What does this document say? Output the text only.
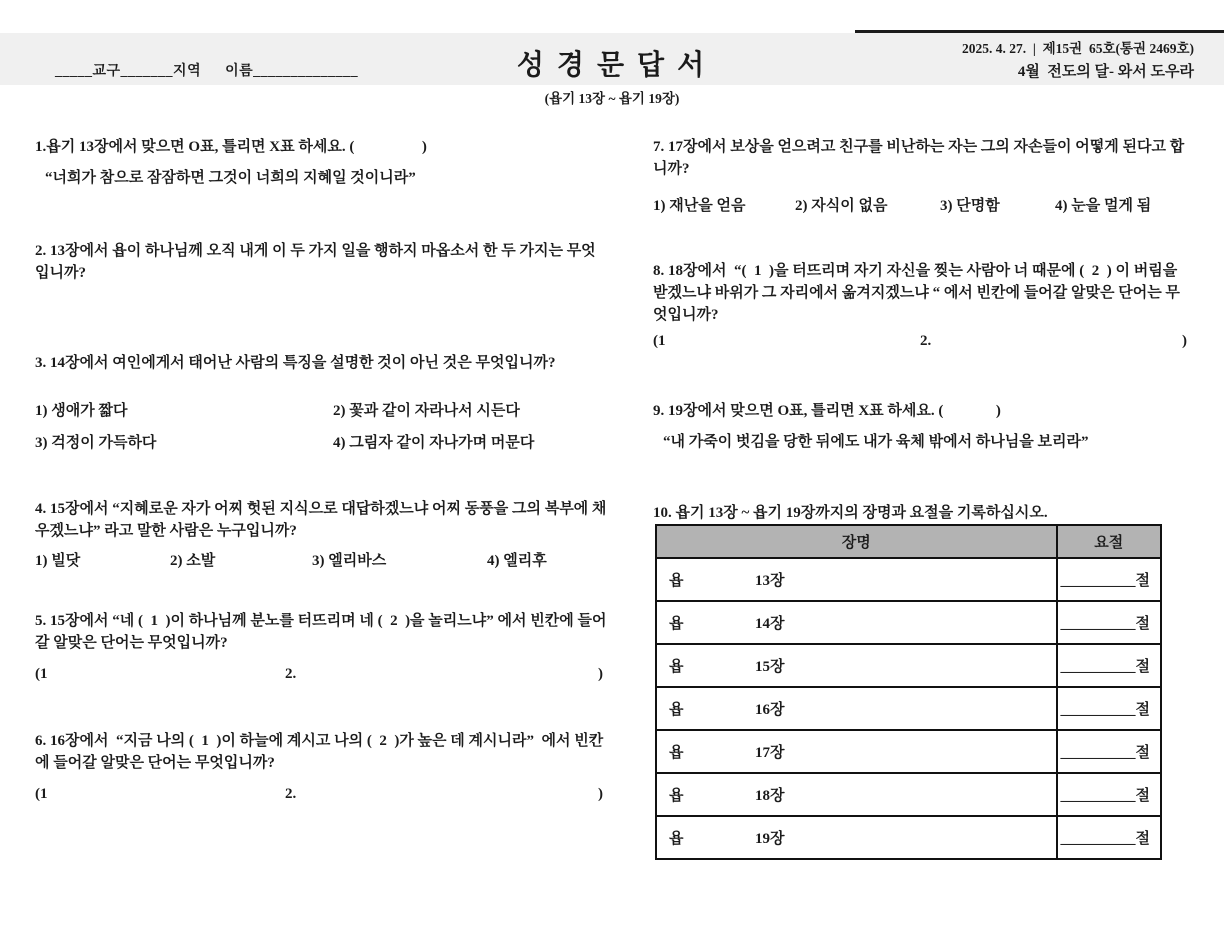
_____교구_______지역      이름______________	성 경 문 답 서
2025. 4. 27.  |  제15권  65호(통권 2469호)
4월  전도의 달- 와서 도우라
(욥기 13장 ~ 욥기 19장)
1.욥기 13장에서 맞으면 O표, 틀리면 X표 하세요. (                  )
“너희가 참으로 잠잠하면 그것이 너희의 지혜일 것이니라”
2. 13장에서 욥이 하나님께 오직 내게 이 두 가지 일을 행하지 마옵소서 한 두 가지는 무엇입니까?
3. 14장에서 여인에게서 태어난 사람의 특징을 설명한 것이 아닌 것은 무엇입니까?
1) 생애가 짧다	2) 꽃과 같이 자라나서 시든다
3) 걱정이 가득하다	4) 그림자 같이 자나가며 머문다
4. 15장에서 “지혜로운 자가 어찌 헛된 지식으로 대답하겠느냐 어찌 동풍을 그의 복부에 채우겠느냐” 라고 말한 사람은 누구입니까?
1) 빌닷	2) 소발	3) 엘리바스	4) 엘리후
5. 15장에서 “네 (  1  )이 하나님께 분노를 터뜨리며 네 (  2  )을 놀리느냐” 에서 빈칸에 들어갈 알맞은 단어는 무엇입니까?
(1	2.	)
6. 16장에서  “지금 나의 (  1  )이 하늘에 계시고 나의 (  2  )가 높은 데 계시니라”  에서 빈칸에 들어갈 알맞은 단어는 무엇입니까?
(1	2.	)
7. 17장에서 보상을 얻으려고 친구를 비난하는 자는 그의 자손들이 어떻게 된다고 합니까?
1) 재난을 얻음	2) 자식이 없음	3) 단명함	4) 눈을 멀게 됨
8. 18장에서  “(  1  )을 터뜨리며 자기 자신을 찢는 사람아 너 때문에 (  2  ) 이 버림을 받겠느냐 바위가 그 자리에서 옮겨지겠느냐 “ 에서 빈칸에 들어갈 알맞은 단어는 무엇입니까?
(1	2.	)
9. 19장에서 맞으면 O표, 틀리면 X표 하세요. (              )
“내 가죽이 벗김을 당한 뒤에도 내가 육체 밖에서 하나님을 보리라”
10. 욥기 13장 ~ 욥기 19장까지의 장명과 요절을 기록하십시오.
장명	요절
욥 13장	__________절
욥 14장	__________절
욥 15장	__________절
욥 16장	__________절
욥 17장	__________절
욥 18장	__________절
욥 19장	__________절
